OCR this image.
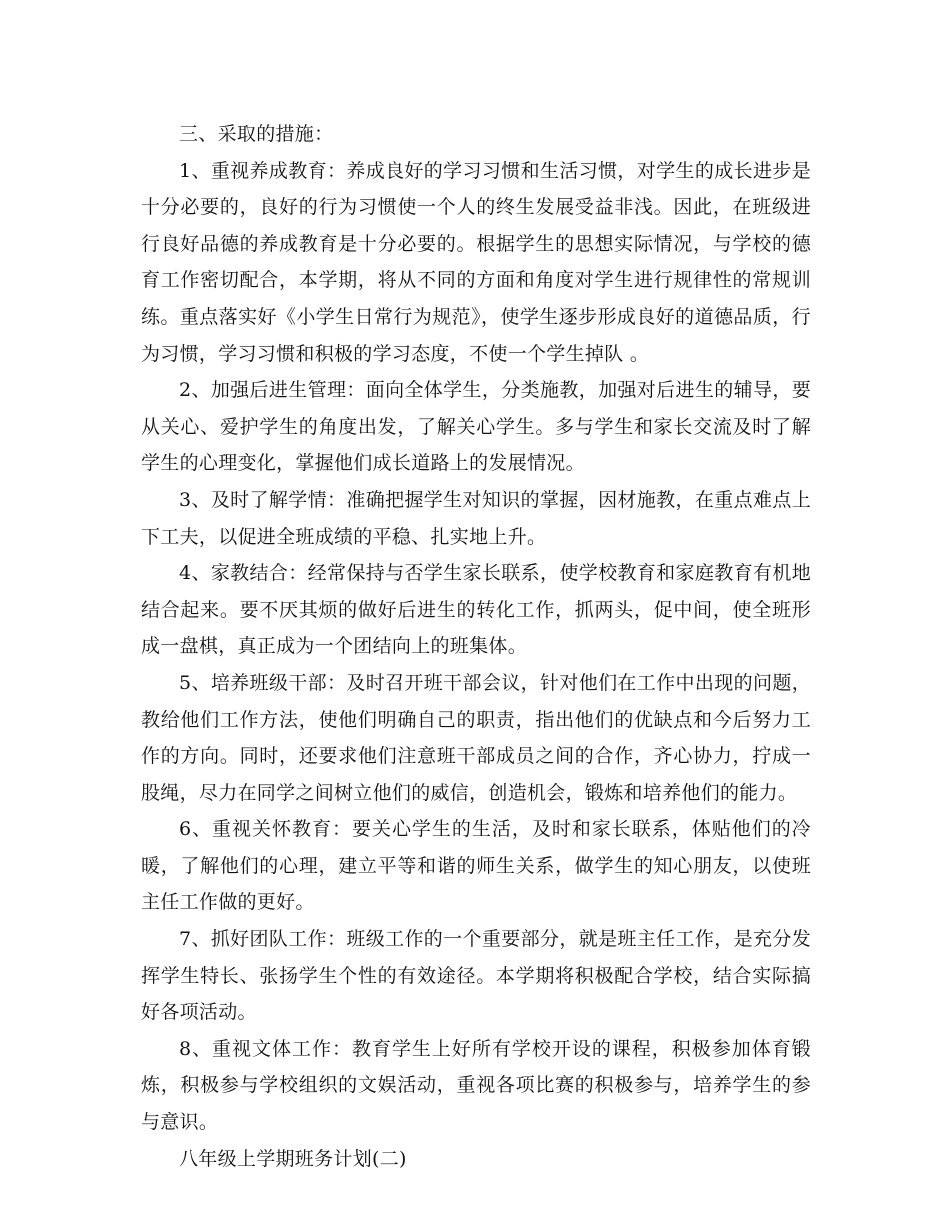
三、采取的措施：

1、重视养成教育：养成良好的学习习惯和生活习惯，对学生的成长进步是十分必要的，良好的行为习惯使一个人的终生发展受益非浅。因此，在班级进行良好品德的养成教育是十分必要的。根据学生的思想实际情况，与学校的德育工作密切配合，本学期，将从不同的方面和角度对学生进行规律性的常规训练。重点落实好《小学生日常行为规范》，使学生逐步形成良好的道德品质，行为习惯，学习习惯和积极的学习态度，不使一个学生掉队 。

2、加强后进生管理：面向全体学生，分类施教，加强对后进生的辅导，要从关心、爱护学生的角度出发，了解关心学生。多与学生和家长交流及时了解学生的心理变化，掌握他们成长道路上的发展情况。

3、及时了解学情：准确把握学生对知识的掌握，因材施教，在重点难点上下工夫，以促进全班成绩的平稳、扎实地上升。

4、家教结合：经常保持与否学生家长联系，使学校教育和家庭教育有机地结合起来。要不厌其烦的做好后进生的转化工作，抓两头，促中间，使全班形成一盘棋，真正成为一个团结向上的班集体。

5、培养班级干部：及时召开班干部会议，针对他们在工作中出现的问题，教给他们工作方法，使他们明确自己的职责，指出他们的优缺点和今后努力工作的方向。同时，还要求他们注意班干部成员之间的合作，齐心协力，拧成一股绳，尽力在同学之间树立他们的威信，创造机会，锻炼和培养他们的能力。

6、重视关怀教育：要关心学生的生活，及时和家长联系，体贴他们的冷暖，了解他们的心理，建立平等和谐的师生关系，做学生的知心朋友，以使班主任工作做的更好。

7、抓好团队工作：班级工作的一个重要部分，就是班主任工作，是充分发挥学生特长、张扬学生个性的有效途径。本学期将积极配合学校，结合实际搞好各项活动。

8、重视文体工作：教育学生上好所有学校开设的课程，积极参加体育锻炼，积极参与学校组织的文娱活动，重视各项比赛的积极参与，培养学生的参与意识。

八年级上学期班务计划(二)
